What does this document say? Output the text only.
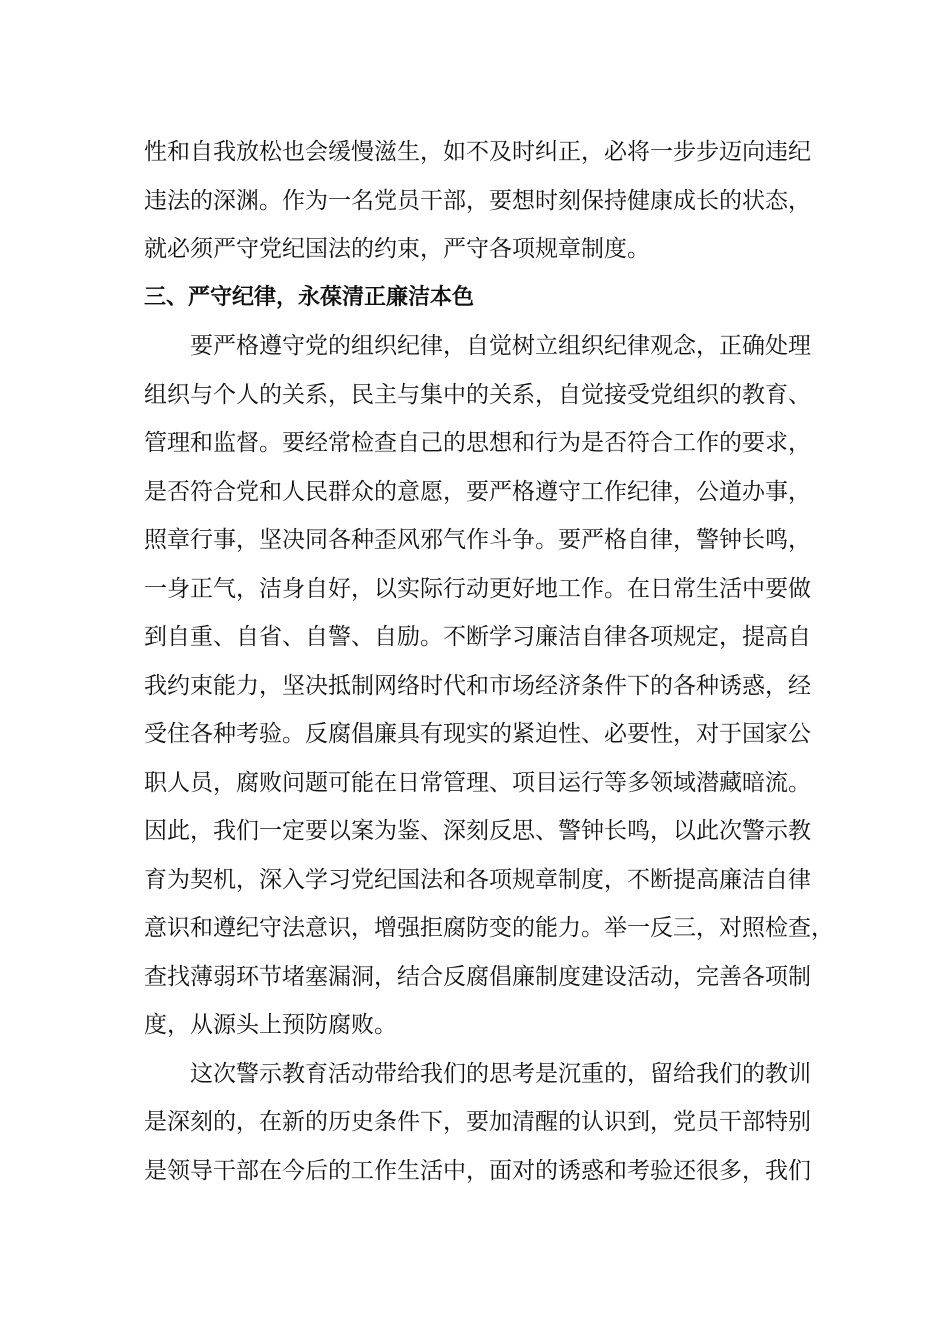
性和自我放松也会缓慢滋生，如不及时纠正，必将一步步迈向违纪
违法的深渊。作为一名党员干部，要想时刻保持健康成长的状态，
就必须严守党纪国法的约束，严守各项规章制度。
三、严守纪律，永葆清正廉洁本色
　　要严格遵守党的组织纪律，自觉树立组织纪律观念，正确处理
组织与个人的关系，民主与集中的关系，自觉接受党组织的教育、
管理和监督。要经常检查自己的思想和行为是否符合工作的要求，
是否符合党和人民群众的意愿，要严格遵守工作纪律，公道办事，
照章行事，坚决同各种歪风邪气作斗争。要严格自律，警钟长鸣，
一身正气，洁身自好，以实际行动更好地工作。在日常生活中要做
到自重、自省、自警、自励。不断学习廉洁自律各项规定，提高自
我约束能力，坚决抵制网络时代和市场经济条件下的各种诱惑，经
受住各种考验。反腐倡廉具有现实的紧迫性、必要性，对于国家公
职人员，腐败问题可能在日常管理、项目运行等多领域潜藏暗流。
因此，我们一定要以案为鉴、深刻反思、警钟长鸣，以此次警示教
育为契机，深入学习党纪国法和各项规章制度，不断提高廉洁自律
意识和遵纪守法意识，增强拒腐防变的能力。举一反三，对照检查，
查找薄弱环节堵塞漏洞，结合反腐倡廉制度建设活动，完善各项制
度，从源头上预防腐败。
　　这次警示教育活动带给我们的思考是沉重的，留给我们的教训
是深刻的，在新的历史条件下，要加清醒的认识到，党员干部特别
是领导干部在今后的工作生活中，面对的诱惑和考验还很多，我们
